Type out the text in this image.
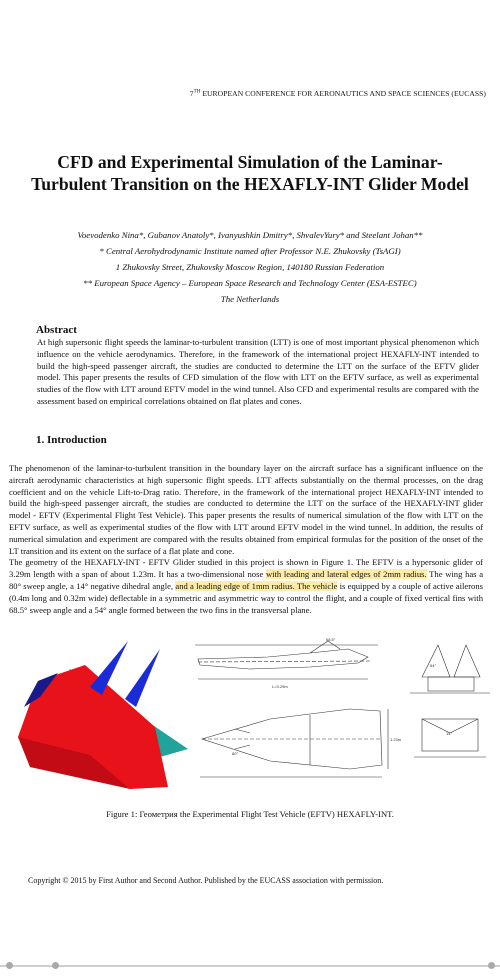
7TH EUROPEAN CONFERENCE FOR AERONAUTICS AND SPACE SCIENCES (EUCASS)
CFD and Experimental Simulation of the Laminar-
Turbulent Transition on the HEXAFLY-INT Glider Model
Voevodenko Nina*, Gubanov Anatoly*, Ivanyushkin Dmitry*, ShvalevYury* and Steelant Johan**
* Central Aerohydrodynamic Institute named after Professor N.E. Zhukovsky (TsAGI)
1 Zhukovsky Street, Zhukovsky Moscow Region, 140180 Russian Federation
** European Space Agency – European Space Research and Technology Center (ESA-ESTEC)
The Netherlands
Abstract
At high supersonic flight speeds the laminar-to-turbulent transition (LTT) is one of most important physical phenomenon which influence on the vehicle aerodynamics. Therefore, in the framework of the international project HEXAFLY-INT intended to build the high-speed passenger aircraft, the studies are conducted to determine the LTT on the surface of the EFTV glider model. This paper presents the results of CFD simulation of the flow with LTT on the EFTV surface, as well as experimental studies of the flow with LTT around EFTV model in the wind tunnel. Also CFD and experimental results are compared with the assessment based on empirical correlations obtained on flat plates and cones.
1. Introduction

The phenomenon of the laminar-to-turbulent transition in the boundary layer on the aircraft surface has a significant influence on the aircraft aerodynamic characteristics at high supersonic flight speeds. LTT affects substantially on the thermal processes, on the drag coefficient and on the vehicle Lift-to-Drag ratio. Therefore, in the framework of the international project HEXAFLY-INT intended to build the high-speed passenger aircraft, the studies are conducted to determine the LTT on the surface of the HEXAFLY-INT glider model - EFTV (Experimental Flight Test Vehicle). This paper presents the results of numerical simulation of the flow with LTT on the EFTV surface, as well as experimental studies of the flow with LTT around EFTV model in the wind tunnel. In addition, the results of numerical simulation and experiment are compared with the results obtained from empirical formulas for the position of the onset of the LT transition and its extent on the surface of a flat plate and cone.

The geometry of the HEXAFLY-INT - EFTV Glider studied in this project is shown in Figure 1. The EFTV is a hypersonic glider of 3.29m length with a span of about 1.23m. It has a two-dimensional nose with leading and lateral edges of 2mm radius. The wing has a 80° sweep angle, a 14° negative dihedral angle, and a leading edge of 1mm radius. The vehicle is equipped by a couple of active ailerons (0.4m long and 0.32m wide) deflectable in a symmetric and asymmetric way to control the flight, and a couple of fixed vertical fins with 68.5° sweep angle and a 54° angle formed between the two fins in the transversal plane.

L=3.29m
1.23m
80°
54°
14°
68.5°
Figure 1: Геометрия the Experimental Flight Test Vehicle (EFTV) HEXAFLY-INT.
Copyright © 2015 by First Author and Second Author. Published by the EUCASS association with permission.
